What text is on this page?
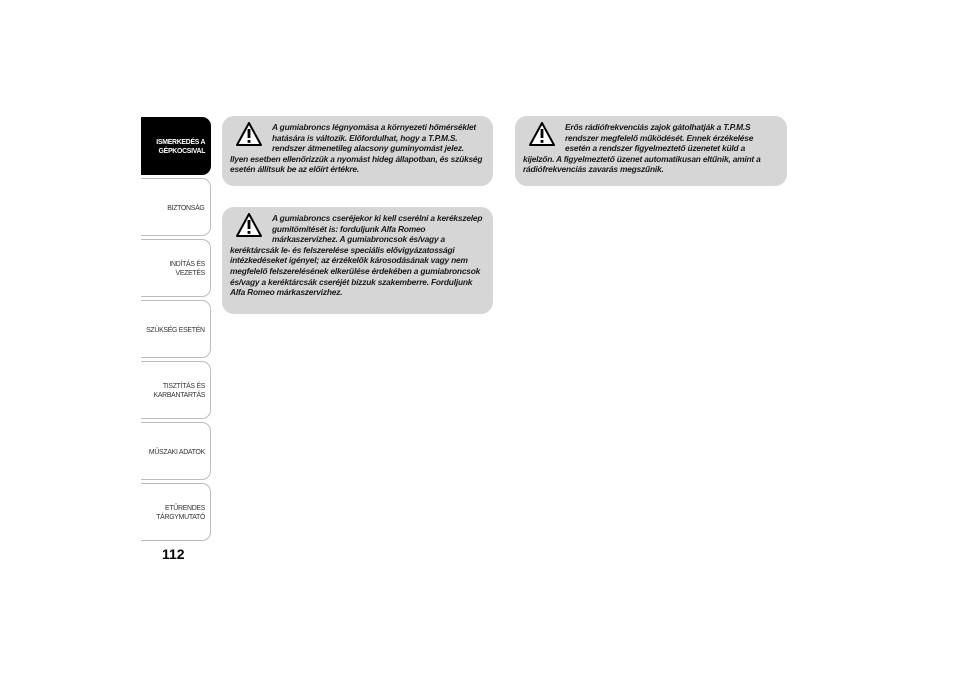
ISMERKEDÉS A
GÉPKOCSIVAL
BIZTONSÁG
INDÍTÁS ÉS VEZETÉS
SZÜKSÉG ESETÉN
TISZTÍTÁS ÉS
KARBANTARTÁS
MŰSZAKI ADATOK
ETŰRENDES
TÁRGYMUTATÓ
112

A gumiabroncs légnyomása a környezeti hőmérséklet hatására is változik. Előfordulhat, hogy a T.P.M.S. rendszer átmenetileg alacsony guminyomást jelez.
Ilyen esetben ellenőrizzük a nyomást hideg állapotban, és szükség esetén állítsuk be az előírt értékre.

A gumiabroncs cseréjekor ki kell cserélni a kerékszelep gumitömítését is: forduljunk Alfa Romeo márkaszervizhez. A gumiabroncsok és/vagy a
keréktárcsák le- és felszerelése speciális elővigyázatossági intézkedéseket igényel; az érzékelők károsodásának vagy nem megfelelő felszerelésének elkerülése érdekében a gumiabroncsok és/vagy a keréktárcsák cseréjét bízzuk szakemberre. Forduljunk Alfa Romeo márkaszervizhez.

Erős rádiófrekvenciás zajok gátolhatják a T.P.M.S rendszer megfelelő működését. Ennek érzékelése esetén a rendszer figyelmeztető üzenetet küld a
kijelzőn. A figyelmeztető üzenet automatikusan eltűnik, amint a rádiófrekvenciás zavarás megszűnik.
